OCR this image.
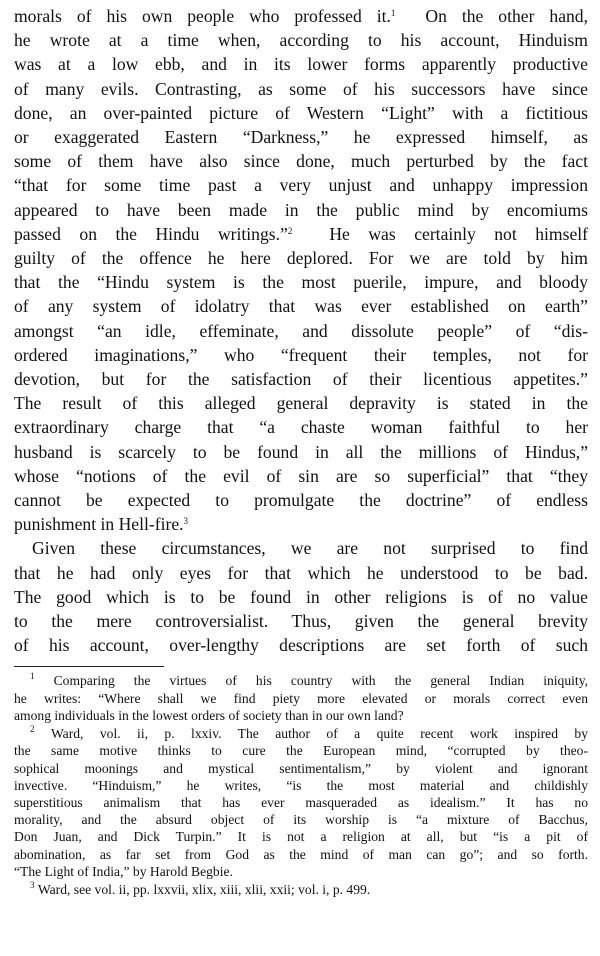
morals of his own people who professed it.$^1$ On the other hand,
he wrote at a time when, according to his account, Hinduism
was at a low ebb, and in its lower forms apparently productive
of many evils. Contrasting, as some of his successors have since
done, an over-painted picture of Western “Light” with a fictitious
or exaggerated Eastern “Darkness,” he expressed himself, as
some of them have also since done, much perturbed by the fact
“that for some time past a very unjust and unhappy impression
appeared to have been made in the public mind by encomiums
passed on the Hindu writings.”$^2$ He was certainly not himself
guilty of the offence he here deplored. For we are told by him
that the “Hindu system is the most puerile, impure, and bloody
of any system of idolatry that was ever established on earth”
amongst “an idle, effeminate, and dissolute people” of “dis-
ordered imaginations,” who “frequent their temples, not for
devotion, but for the satisfaction of their licentious appetites.”
The result of this alleged general depravity is stated in the
extraordinary charge that “a chaste woman faithful to her
husband is scarcely to be found in all the millions of Hindus,”
whose “notions of the evil of sin are so superficial” that “they
cannot be expected to promulgate the doctrine” of endless
punishment in Hell-fire.$^3$
Given these circumstances, we are not surprised to find
that he had only eyes for that which he understood to be bad.
The good which is to be found in other religions is of no value
to the mere controversialist. Thus, given the general brevity
of his account, over-lengthy descriptions are set forth of such
$^1$ Comparing the virtues of his country with the general Indian iniquity,
he writes: “Where shall we find piety more elevated or morals correct even
among individuals in the lowest orders of society than in our own land?
$^2$ Ward, vol. ii, p. lxxiv. The author of a quite recent work inspired by
the same motive thinks to cure the European mind, “corrupted by theo-
sophical moonings and mystical sentimentalism,” by violent and ignorant
invective. “Hinduism,” he writes, “is the most material and childishly
superstitious animalism that has ever masqueraded as idealism.” It has no
morality, and the absurd object of its worship is “a mixture of Bacchus,
Don Juan, and Dick Turpin.” It is not a religion at all, but “is a pit of
abomination, as far set from God as the mind of man can go”; and so forth.
“The Light of India,” by Harold Begbie.
$^3$ Ward, see vol. ii, pp. lxxvii, xlix, xiii, xlii, xxii; vol. i, p. 499.
